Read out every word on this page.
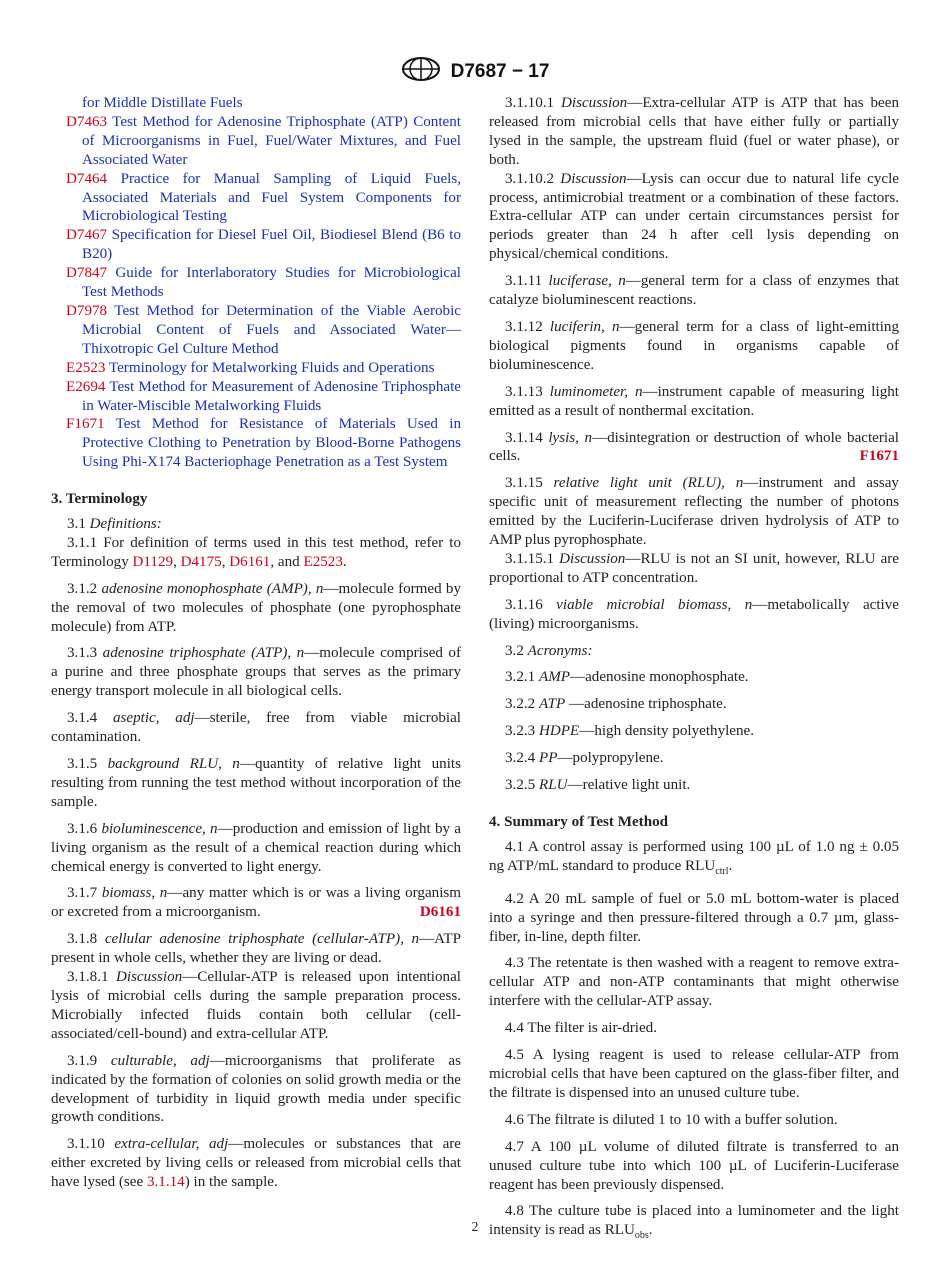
D7687 − 17

for Middle Distillate Fuels

D7463 Test Method for Adenosine Triphosphate (ATP) Content of Microorganisms in Fuel, Fuel/Water Mixtures, and Fuel Associated Water

D7464 Practice for Manual Sampling of Liquid Fuels, Associated Materials and Fuel System Components for Microbiological Testing

D7467 Specification for Diesel Fuel Oil, Biodiesel Blend (B6 to B20)

D7847 Guide for Interlaboratory Studies for Microbiological Test Methods

D7978 Test Method for Determination of the Viable Aerobic Microbial Content of Fuels and Associated Water—Thixotropic Gel Culture Method

E2523 Terminology for Metalworking Fluids and Operations

E2694 Test Method for Measurement of Adenosine Triphosphate in Water-Miscible Metalworking Fluids

F1671 Test Method for Resistance of Materials Used in Protective Clothing to Penetration by Blood-Borne Pathogens Using Phi-X174 Bacteriophage Penetration as a Test System

3. Terminology

3.1 Definitions:

3.1.1 For definition of terms used in this test method, refer to Terminology D1129, D4175, D6161, and E2523.

3.1.2 adenosine monophosphate (AMP), n—molecule formed by the removal of two molecules of phosphate (one pyrophosphate molecule) from ATP.

3.1.3 adenosine triphosphate (ATP), n—molecule comprised of a purine and three phosphate groups that serves as the primary energy transport molecule in all biological cells.

3.1.4 aseptic, adj—sterile, free from viable microbial contamination.

3.1.5 background RLU, n—quantity of relative light units resulting from running the test method without incorporation of the sample.

3.1.6 bioluminescence, n—production and emission of light by a living organism as the result of a chemical reaction during which chemical energy is converted to light energy.

3.1.7 biomass, n—any matter which is or was a living organism or excreted from a microorganism.	D6161

3.1.8 cellular adenosine triphosphate (cellular-ATP), n—ATP present in whole cells, whether they are living or dead.

3.1.8.1 Discussion—Cellular-ATP is released upon intentional lysis of microbial cells during the sample preparation process. Microbially infected fluids contain both cellular (cell-associated/cell-bound) and extra-cellular ATP.

3.1.9 culturable, adj—microorganisms that proliferate as indicated by the formation of colonies on solid growth media or the development of turbidity in liquid growth media under specific growth conditions.

3.1.10 extra-cellular, adj—molecules or substances that are either excreted by living cells or released from microbial cells that have lysed (see 3.1.14) in the sample.

3.1.10.1 Discussion—Extra-cellular ATP is ATP that has been released from microbial cells that have either fully or partially lysed in the sample, the upstream fluid (fuel or water phase), or both.

3.1.10.2 Discussion—Lysis can occur due to natural life cycle process, antimicrobial treatment or a combination of these factors. Extra-cellular ATP can under certain circumstances persist for periods greater than 24 h after cell lysis depending on physical/chemical conditions.

3.1.11 luciferase, n—general term for a class of enzymes that catalyze bioluminescent reactions.

3.1.12 luciferin, n—general term for a class of light-emitting biological pigments found in organisms capable of bioluminescence.

3.1.13 luminometer, n—instrument capable of measuring light emitted as a result of nonthermal excitation.

3.1.14 lysis, n—disintegration or destruction of whole bacterial cells.	F1671

3.1.15 relative light unit (RLU), n—instrument and assay specific unit of measurement reflecting the number of photons emitted by the Luciferin-Luciferase driven hydrolysis of ATP to AMP plus pyrophosphate.

3.1.15.1 Discussion—RLU is not an SI unit, however, RLU are proportional to ATP concentration.

3.1.16 viable microbial biomass, n—metabolically active (living) microorganisms.

3.2 Acronyms:

3.2.1 AMP—adenosine monophosphate.

3.2.2 ATP —adenosine triphosphate.

3.2.3 HDPE—high density polyethylene.

3.2.4 PP—polypropylene.

3.2.5 RLU—relative light unit.

4. Summary of Test Method

4.1 A control assay is performed using 100 µL of 1.0 ng ± 0.05 ng ATP/mL standard to produce $RLU_{ctrl}$.

4.2 A 20 mL sample of fuel or 5.0 mL bottom-water is placed into a syringe and then pressure-filtered through a 0.7 µm, glass-fiber, in-line, depth filter.

4.3 The retentate is then washed with a reagent to remove extra-cellular ATP and non-ATP contaminants that might otherwise interfere with the cellular-ATP assay.

4.4 The filter is air-dried.

4.5 A lysing reagent is used to release cellular-ATP from microbial cells that have been captured on the glass-fiber filter, and the filtrate is dispensed into an unused culture tube.

4.6 The filtrate is diluted 1 to 10 with a buffer solution.

4.7 A 100 µL volume of diluted filtrate is transferred to an unused culture tube into which 100 µL of Luciferin-Luciferase reagent has been previously dispensed.

4.8 The culture tube is placed into a luminometer and the light intensity is read as $RLU_{obs}$.

2
